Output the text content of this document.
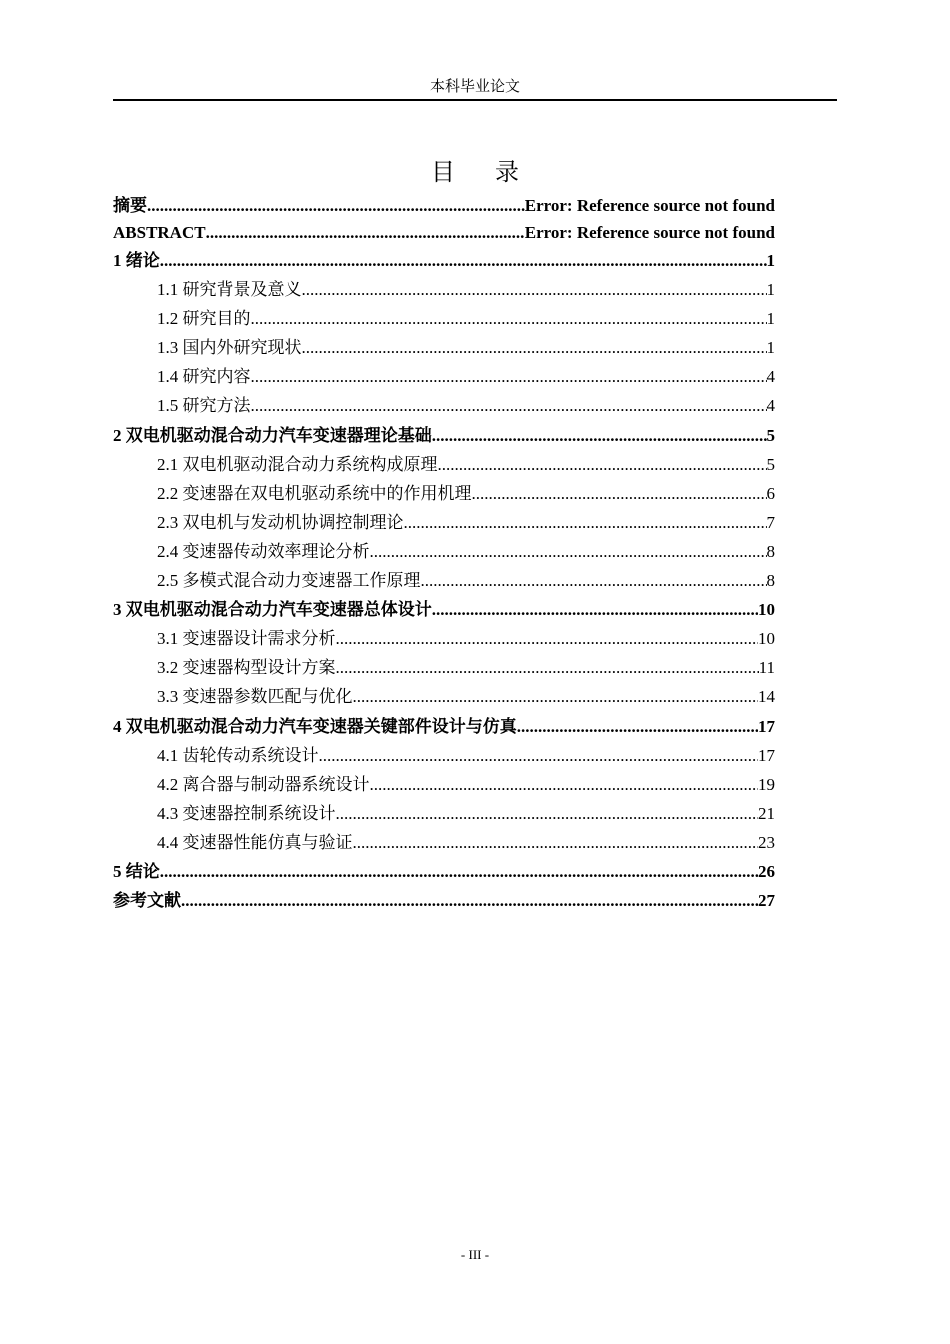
本科毕业论文
目录
摘要 .....	Error: Reference source not found
ABSTRACT .....	Error: Reference source not found
1 绪论 .....	1
1.1 研究背景及意义 .....	1
1.2 研究目的 .....	1
1.3 国内外研究现状 .....	1
1.4 研究内容 .....	4
1.5 研究方法 .....	4
2 双电机驱动混合动力汽车变速器理论基础 .....	5
2.1 双电机驱动混合动力系统构成原理 .....	5
2.2 变速器在双电机驱动系统中的作用机理 .....	6
2.3 双电机与发动机协调控制理论 .....	7
2.4 变速器传动效率理论分析 .....	8
2.5 多模式混合动力变速器工作原理 .....	8
3 双电机驱动混合动力汽车变速器总体设计 .....	10
3.1 变速器设计需求分析 .....	10
3.2 变速器构型设计方案 .....	11
3.3 变速器参数匹配与优化 .....	14
4 双电机驱动混合动力汽车变速器关键部件设计与仿真 .....	17
4.1 齿轮传动系统设计 .....	17
4.2 离合器与制动器系统设计 .....	19
4.3 变速器控制系统设计 .....	21
4.4 变速器性能仿真与验证 .....	23
5 结论 .....	26
参考文献 .....	27
- III -
